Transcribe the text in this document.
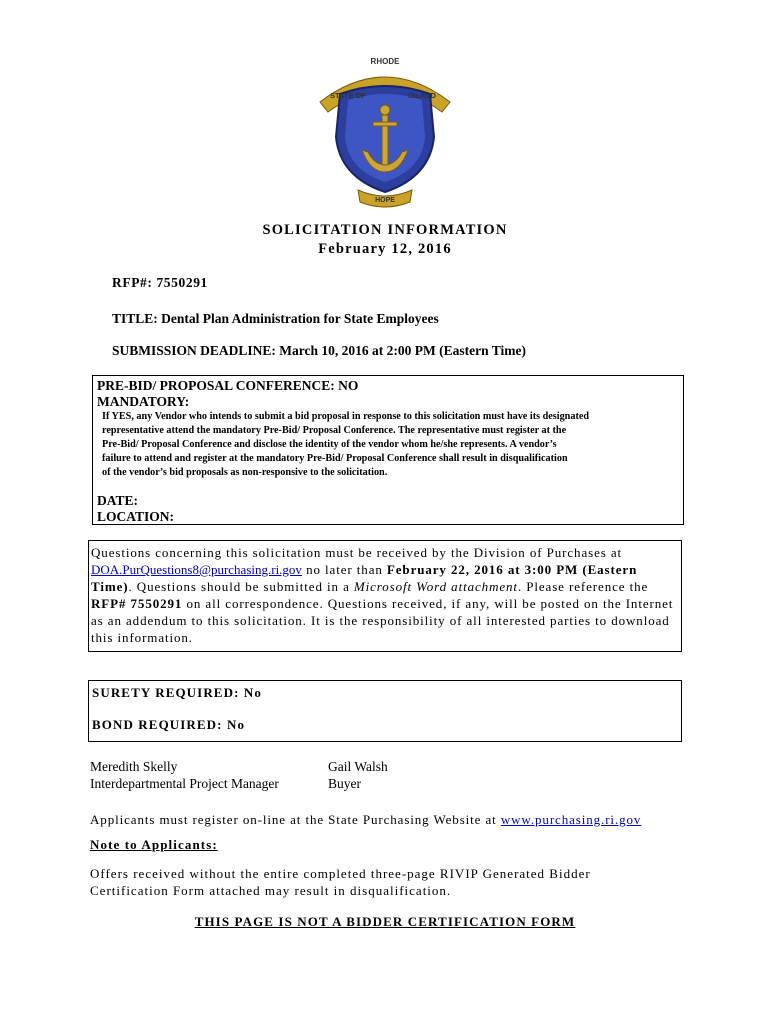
RHODE
STATE OF	ISLAND
HOPE
SOLICITATION INFORMATION
February 12, 2016
RFP#: 7550291
TITLE: Dental Plan Administration for State Employees
SUBMISSION DEADLINE: March 10, 2016 at 2:00 PM (Eastern Time)
PRE-BID/ PROPOSAL CONFERENCE: NO
MANDATORY:
If YES, any Vendor who intends to submit a bid proposal in response to this solicitation must have its designated
representative attend the mandatory Pre-Bid/ Proposal Conference. The representative must register at the
Pre-Bid/ Proposal Conference and disclose the identity of the vendor whom he/she represents. A vendor’s
failure to attend and register at the mandatory Pre-Bid/ Proposal Conference shall result in disqualification
of the vendor’s bid proposals as non-responsive to the solicitation.
DATE:
LOCATION:
Questions concerning this solicitation must be received by the Division of Purchases at DOA.PurQuestions8@purchasing.ri.gov no later than February 22, 2016 at 3:00 PM (Eastern Time). Questions should be submitted in a Microsoft Word attachment. Please reference the RFP# 7550291 on all correspondence. Questions received, if any, will be posted on the Internet as an addendum to this solicitation. It is the responsibility of all interested parties to download this information.
SURETY REQUIRED: No
BOND REQUIRED: No
Meredith Skelly
Interdepartmental Project Manager
Gail Walsh
Buyer
Applicants must register on-line at the State Purchasing Website at www.purchasing.ri.gov
Note to Applicants:
Offers received without the entire completed three-page RIVIP Generated Bidder
Certification Form attached may result in disqualification.
THIS PAGE IS NOT A BIDDER CERTIFICATION FORM
